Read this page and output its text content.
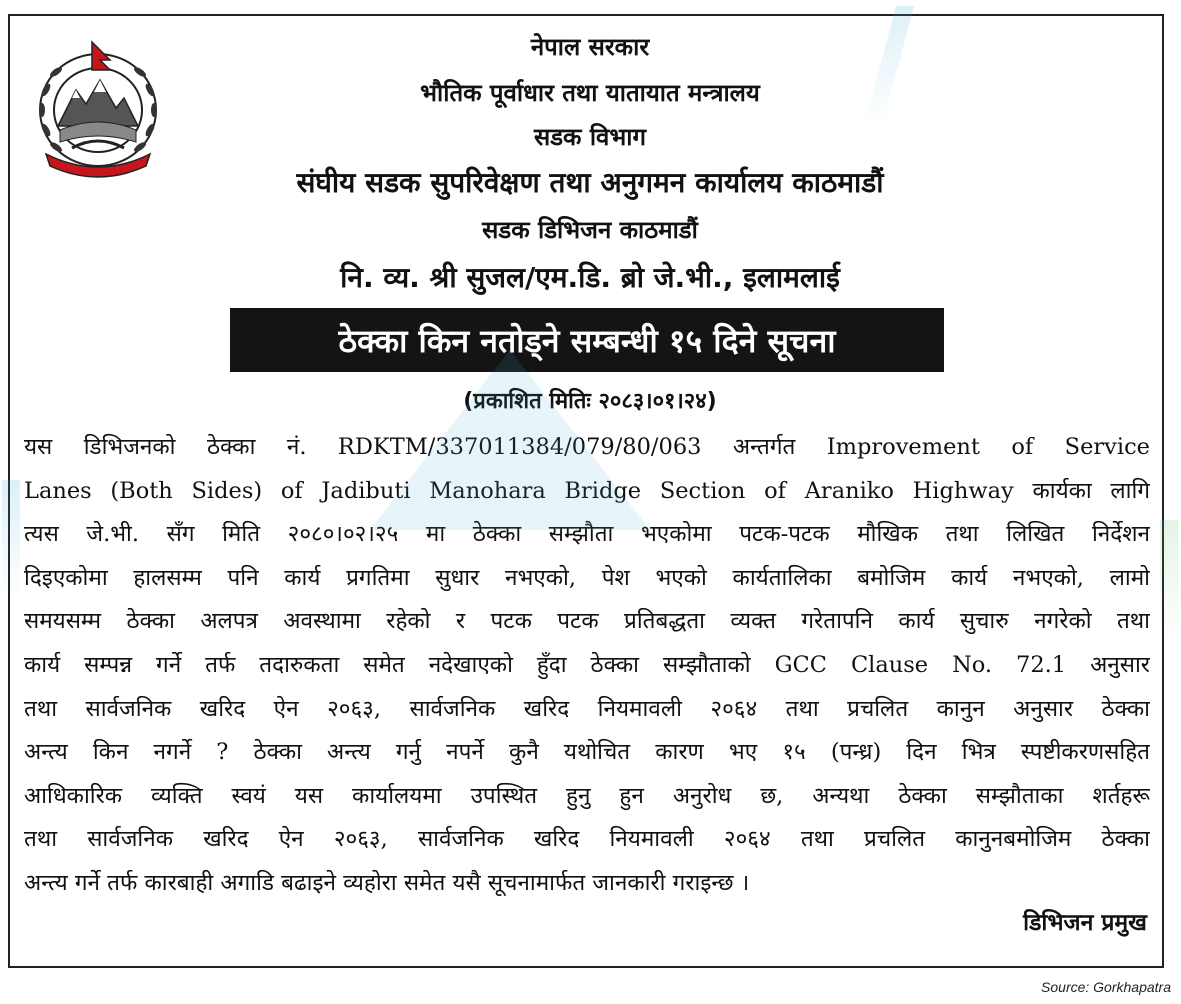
नेपाल सरकार
भौतिक पूर्वाधार तथा यातायात मन्त्रालय
सडक विभाग
संघीय सडक सुपरिवेक्षण तथा अनुगमन कार्यालय काठमाडौं
सडक डिभिजन काठमाडौं
नि. व्य. श्री सुजल/एम.डि. ब्रो जे.भी., इलामलाई
ठेक्का किन नतोड्ने सम्बन्धी १५ दिने सूचना
(प्रकाशित मितिः २०८३।०१।२४)
यस डिभिजनको ठेक्का नं. RDKTM/337011384/079/80/063 अन्तर्गत Improvement of Service
Lanes (Both Sides) of Jadibuti Manohara Bridge Section of Araniko Highway कार्यका लागि
त्यस जे.भी. सँग मिति २०८०।०२।२५ मा ठेक्का सम्झौता भएकोमा पटक-पटक मौखिक तथा लिखित निर्देशन
दिइएकोमा हालसम्म पनि कार्य प्रगतिमा सुधार नभएको, पेश भएको कार्यतालिका बमोजिम कार्य नभएको, लामो
समयसम्म ठेक्का अलपत्र अवस्थामा रहेको र पटक पटक प्रतिबद्धता व्यक्त गरेतापनि कार्य सुचारु नगरेको तथा
कार्य सम्पन्न गर्ने तर्फ तदारुकता समेत नदेखाएको हुँदा ठेक्का सम्झौताको GCC Clause No. 72.1 अनुसार
तथा सार्वजनिक खरिद ऐन २०६३, सार्वजनिक खरिद नियमावली २०६४ तथा प्रचलित कानुन अनुसार ठेक्का
अन्त्य किन नगर्ने ? ठेक्का अन्त्य गर्नु नपर्ने कुनै यथोचित कारण भए १५ (पन्ध्र) दिन भित्र स्पष्टीकरणसहित
आधिकारिक व्यक्ति स्वयं यस कार्यालयमा उपस्थित हुनु हुन अनुरोध छ, अन्यथा ठेक्का सम्झौताका शर्तहरू
तथा सार्वजनिक खरिद ऐन २०६३, सार्वजनिक खरिद नियमावली २०६४ तथा प्रचलित कानुनबमोजिम ठेक्का
अन्त्य गर्ने तर्फ कारबाही अगाडि बढाइने व्यहोरा समेत यसै सूचनामार्फत जानकारी गराइन्छ ।
डिभिजन प्रमुख
Source: Gorkhapatra
